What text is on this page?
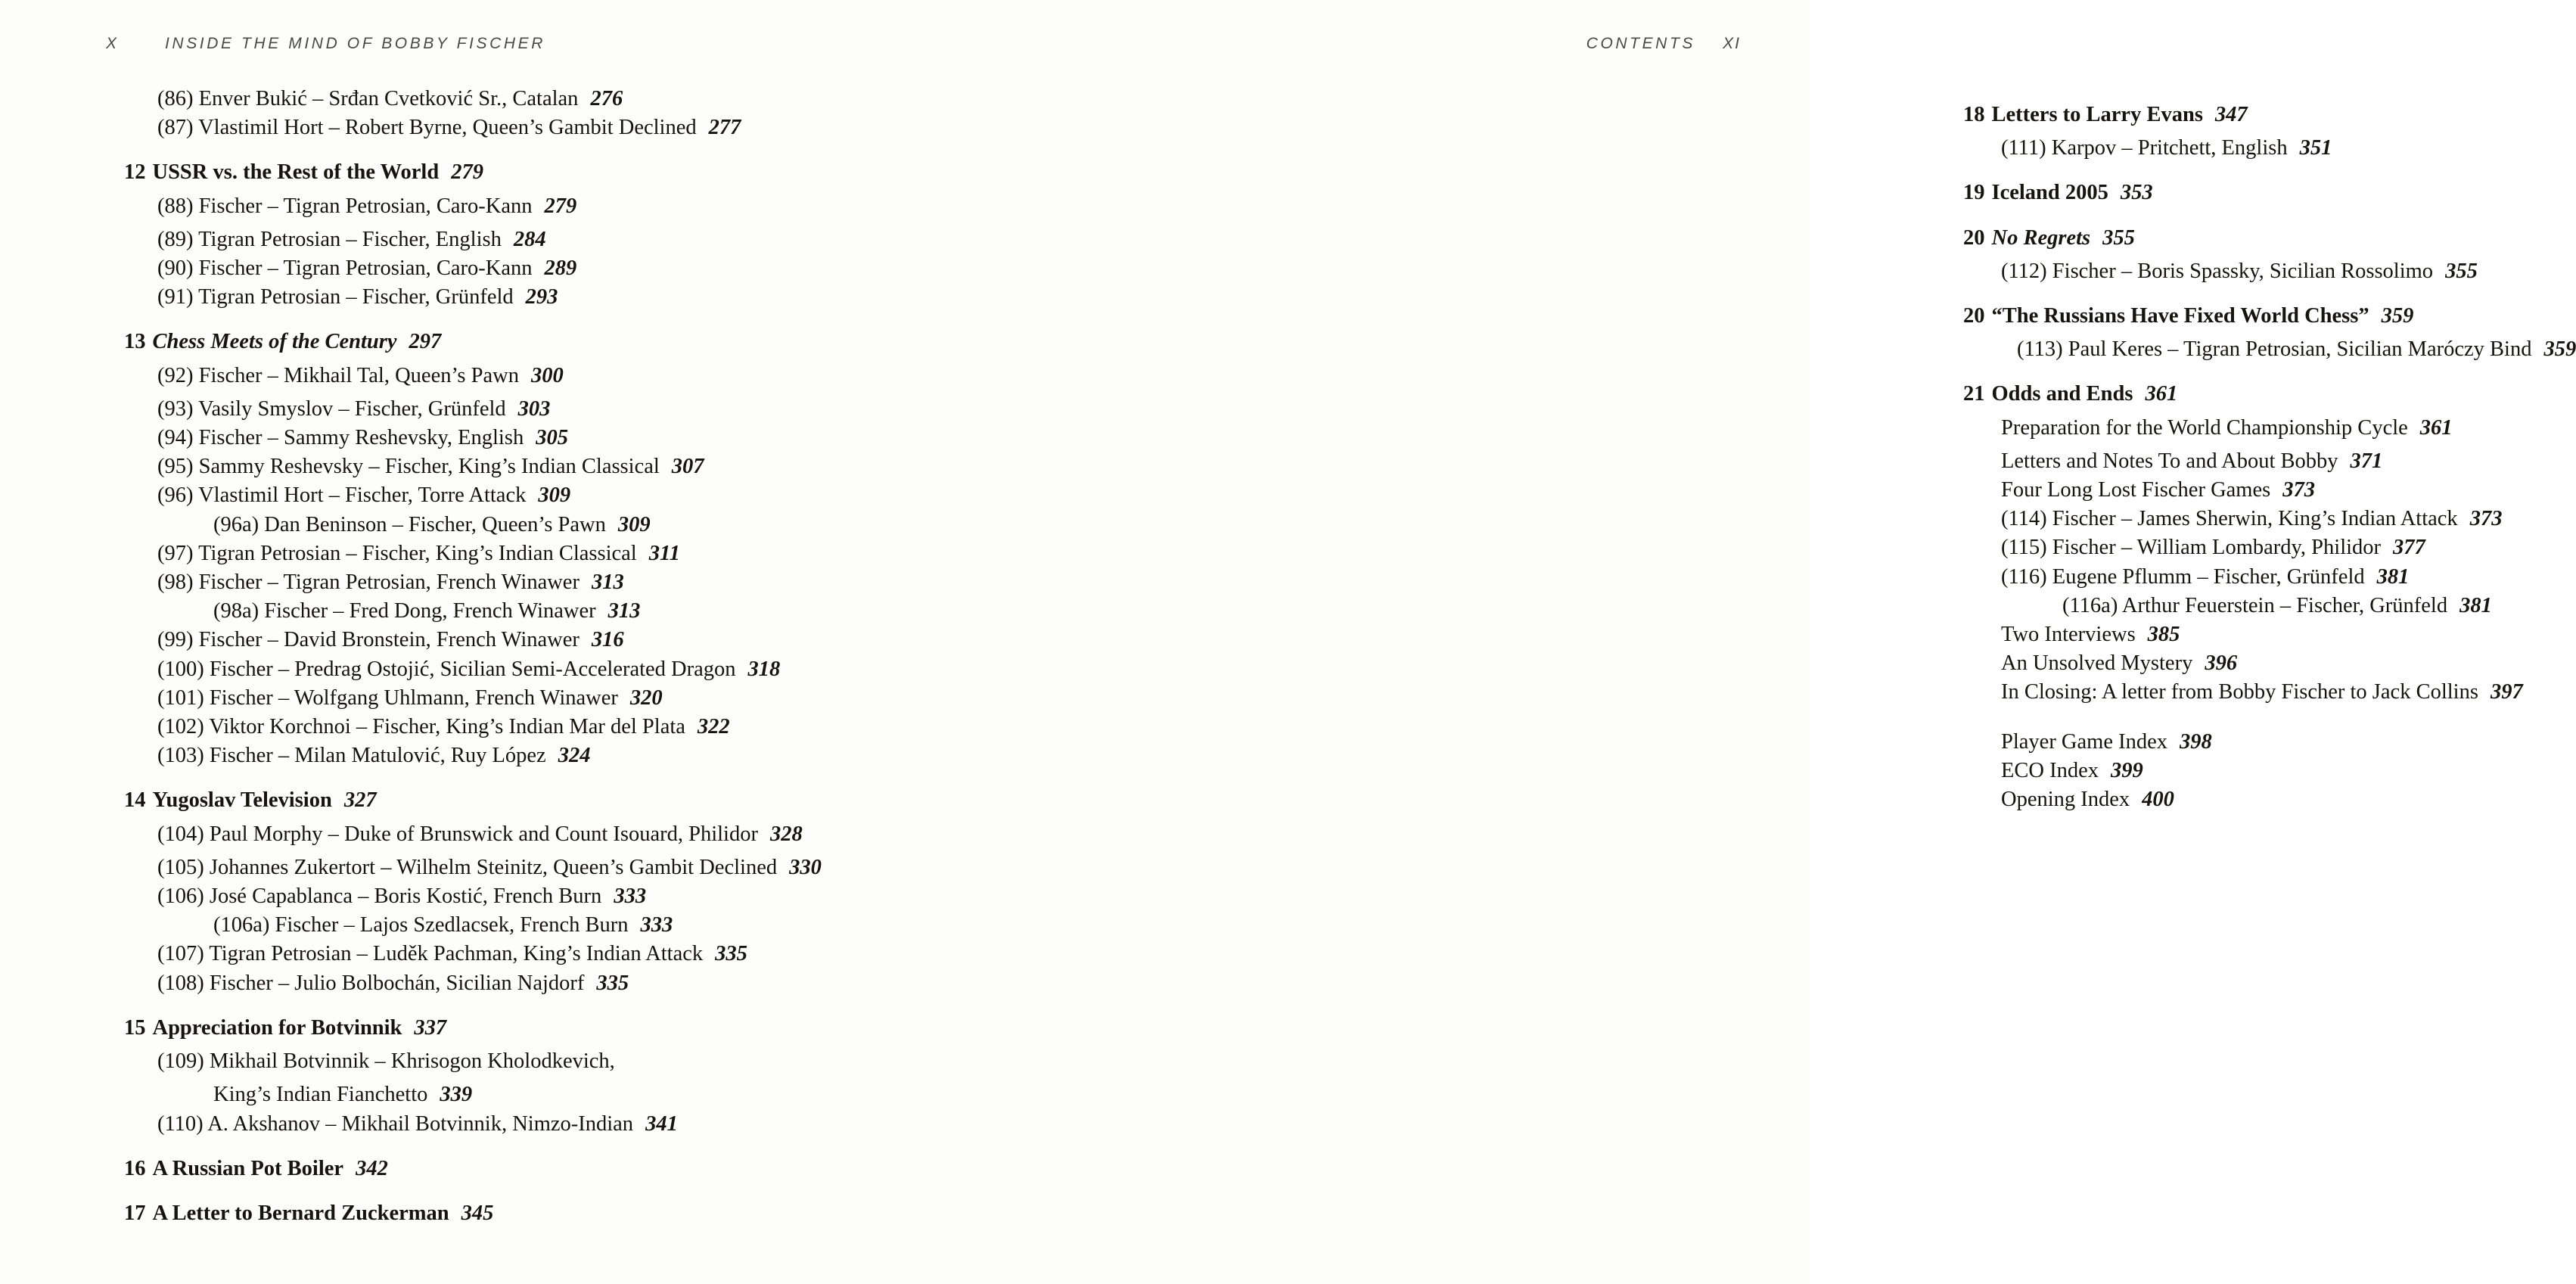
X	INSIDE THE MIND OF BOBBY FISCHER
(86) Enver Bukić – Srđan Cvetković Sr., Catalan 276
(87) Vlastimil Hort – Robert Byrne, Queen’s Gambit Declined 277
12 USSR vs. the Rest of the World 279
(88) Fischer – Tigran Petrosian, Caro-Kann 279
(89) Tigran Petrosian – Fischer, English 284
(90) Fischer – Tigran Petrosian, Caro-Kann 289
(91) Tigran Petrosian – Fischer, Grünfeld 293
13 Chess Meets of the Century 297
(92) Fischer – Mikhail Tal, Queen’s Pawn 300
(93) Vasily Smyslov – Fischer, Grünfeld 303
(94) Fischer – Sammy Reshevsky, English 305
(95) Sammy Reshevsky – Fischer, King’s Indian Classical 307
(96) Vlastimil Hort – Fischer, Torre Attack 309
(96a) Dan Beninson – Fischer, Queen’s Pawn 309
(97) Tigran Petrosian – Fischer, King’s Indian Classical 311
(98) Fischer – Tigran Petrosian, French Winawer 313
(98a) Fischer – Fred Dong, French Winawer 313
(99) Fischer – David Bronstein, French Winawer 316
(100) Fischer – Predrag Ostojić, Sicilian Semi-Accelerated Dragon 318
(101) Fischer – Wolfgang Uhlmann, French Winawer 320
(102) Viktor Korchnoi – Fischer, King’s Indian Mar del Plata 322
(103) Fischer – Milan Matulović, Ruy López 324
14 Yugoslav Television 327
(104) Paul Morphy – Duke of Brunswick and Count Isouard, Philidor 328
(105) Johannes Zukertort – Wilhelm Steinitz, Queen’s Gambit Declined 330
(106) José Capablanca – Boris Kostić, French Burn 333
(106a) Fischer – Lajos Szedlacsek, French Burn 333
(107) Tigran Petrosian – Luděk Pachman, King’s Indian Attack 335
(108) Fischer – Julio Bolbochán, Sicilian Najdorf 335
15 Appreciation for Botvinnik 337
(109) Mikhail Botvinnik – Khrisogon Kholodkevich,
King’s Indian Fianchetto 339
(110) A. Akshanov – Mikhail Botvinnik, Nimzo-Indian 341
16 A Russian Pot Boiler 342
17 A Letter to Bernard Zuckerman 345
CONTENTS XI
18 Letters to Larry Evans 347
(111) Karpov – Pritchett, English 351
19 Iceland 2005 353
20 No Regrets 355
(112) Fischer – Boris Spassky, Sicilian Rossolimo 355
20 “The Russians Have Fixed World Chess” 359
(113) Paul Keres – Tigran Petrosian, Sicilian Maróczy Bind 359
21 Odds and Ends 361
Preparation for the World Championship Cycle 361
Letters and Notes To and About Bobby 371
Four Long Lost Fischer Games 373
(114) Fischer – James Sherwin, King’s Indian Attack 373
(115) Fischer – William Lombardy, Philidor 377
(116) Eugene Pflumm – Fischer, Grünfeld 381
(116a) Arthur Feuerstein – Fischer, Grünfeld 381
Two Interviews 385
An Unsolved Mystery 396
In Closing: A letter from Bobby Fischer to Jack Collins 397
Player Game Index 398
ECO Index 399
Opening Index 400
